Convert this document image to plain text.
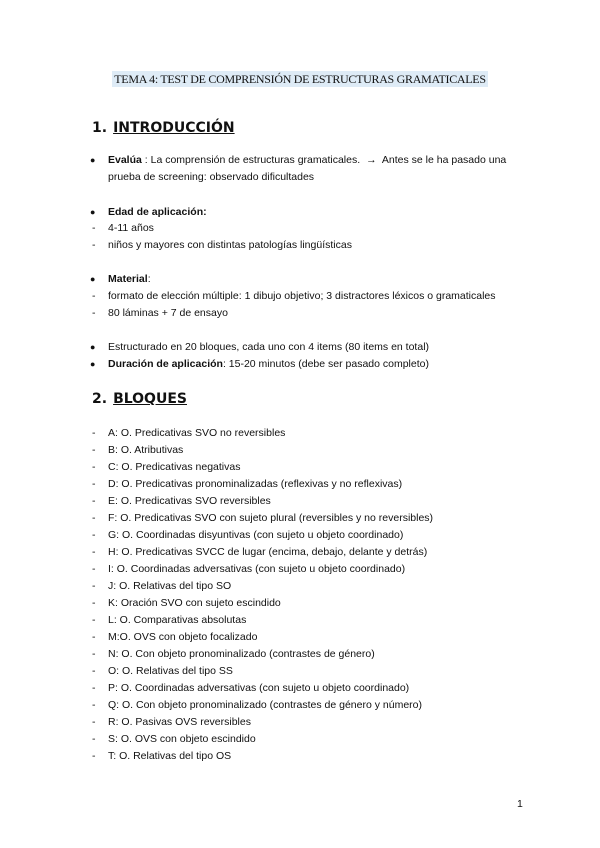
TEMA 4: TEST DE COMPRENSIÓN DE ESTRUCTURAS GRAMATICALES
1. INTRODUCCIÓN
● Evalúa : La comprensión de estructuras gramaticales. → Antes se le ha pasado una
prueba de screening: observado dificultades
● Edad de aplicación:
- 4-11 años
- niños y mayores con distintas patologías lingüísticas
● Material:
- formato de elección múltiple: 1 dibujo objetivo; 3 distractores léxicos o gramaticales
- 80 láminas + 7 de ensayo
● Estructurado en 20 bloques, cada uno con 4 items (80 items en total)
● Duración de aplicación: 15-20 minutos (debe ser pasado completo)
2. BLOQUES
- A: O. Predicativas SVO no reversibles
- B: O. Atributivas
- C: O. Predicativas negativas
- D: O. Predicativas pronominalizadas (reflexivas y no reflexivas)
- E: O. Predicativas SVO reversibles
- F: O. Predicativas SVO con sujeto plural (reversibles y no reversibles)
- G: O. Coordinadas disyuntivas (con sujeto u objeto coordinado)
- H: O. Predicativas SVCC de lugar (encima, debajo, delante y detrás)
- I: O. Coordinadas adversativas (con sujeto u objeto coordinado)
- J: O. Relativas del tipo SO
- K: Oración SVO con sujeto escindido
- L: O. Comparativas absolutas
- M:O. OVS con objeto focalizado
- N: O. Con objeto pronominalizado (contrastes de género)
- O: O. Relativas del tipo SS
- P: O. Coordinadas adversativas (con sujeto u objeto coordinado)
- Q: O. Con objeto pronominalizado (contrastes de género y número)
- R: O. Pasivas OVS reversibles
- S: O. OVS con objeto escindido
- T: O. Relativas del tipo OS
1
